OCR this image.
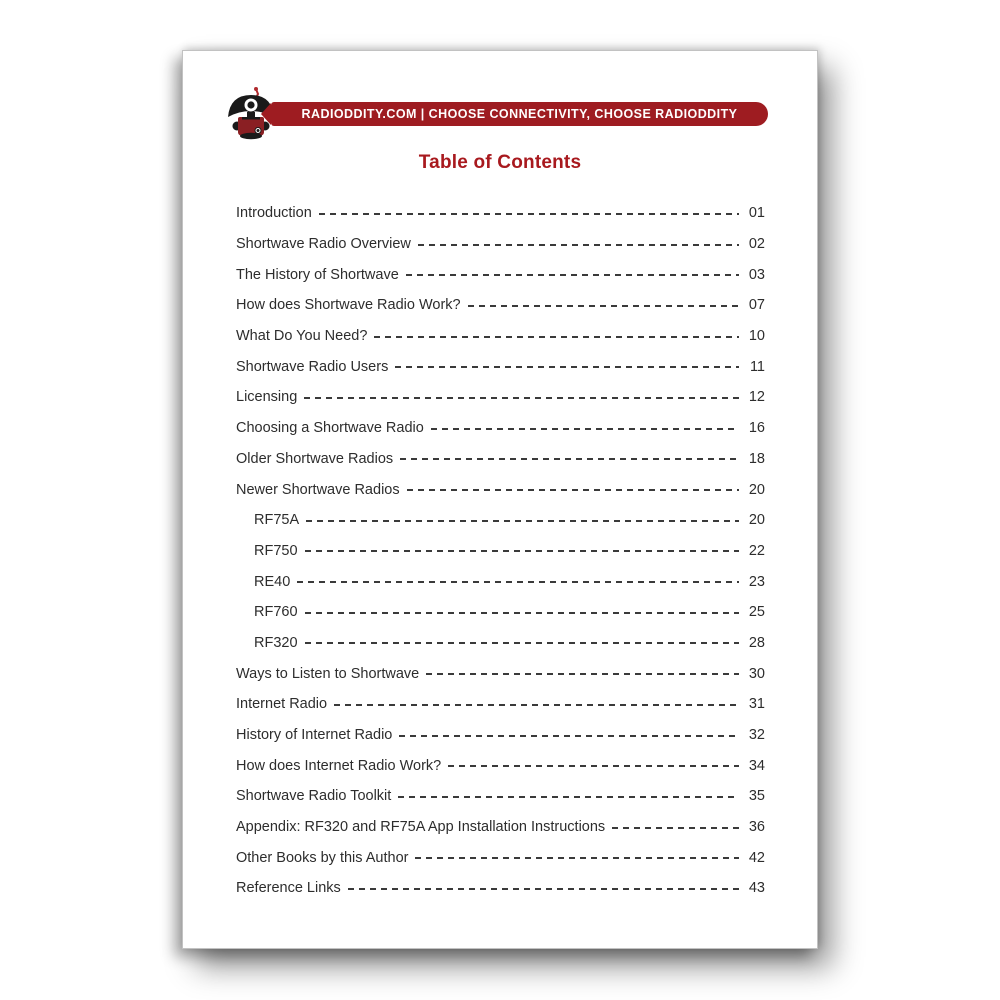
RADIODDITY.COM | CHOOSE CONNECTIVITY, CHOOSE RADIODDITY
Table of Contents
Introduction	01
Shortwave Radio Overview	02
The History of Shortwave	03
How does Shortwave Radio Work?	07
What Do You Need?	10
Shortwave Radio Users	11
Licensing	12
Choosing a Shortwave Radio	16
Older Shortwave Radios	18
Newer Shortwave Radios	20
RF75A	20
RF750	22
RE40	23
RF760	25
RF320	28
Ways to Listen to Shortwave	30
Internet Radio	31
History of Internet Radio	32
How does Internet Radio Work?	34
Shortwave Radio Toolkit	35
Appendix: RF320 and RF75A App Installation Instructions	36
Other Books by this Author	42
Reference Links	43
